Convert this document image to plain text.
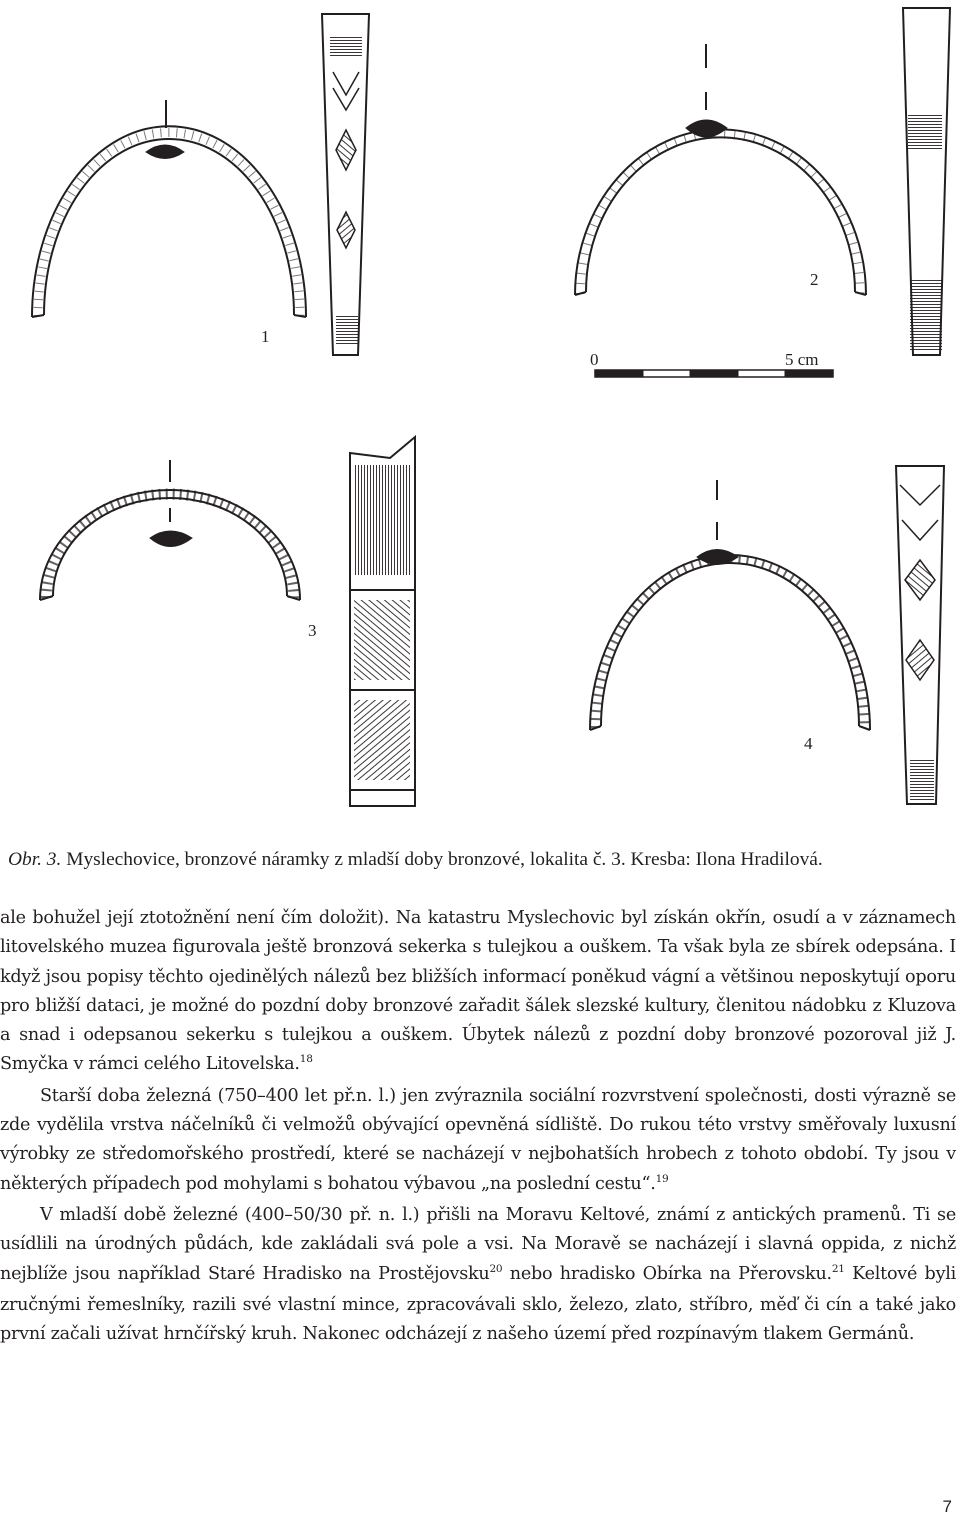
1
2
3
4
0	5 cm
Obr. 3. Myslechovice, bronzové náramky z mladší doby bronzové, lokalita č. 3. Kresba: Ilona Hradilová.

ale bohužel její ztotožnění není čím doložit). Na katastru Myslechovic byl získán okřín, osudí a v záznamech litovelského muzea figurovala ještě bronzová sekerka s tulejkou a ouškem. Ta však byla ze sbírek odepsána. I když jsou popisy těchto ojedinělých nálezů bez bližších informací poněkud vágní a většinou neposkytují oporu pro bližší dataci, je možné do pozdní doby bronzové zařadit šálek slezské kultury, členitou nádobku z Kluzova a snad i odepsanou sekerku s tulejkou a ouškem. Úbytek nálezů z pozdní doby bronzové pozoroval již J. Smyčka v rámci celého Litovelska.$^{18}$

Starší doba železná (750–400 let př.n. l.) jen zvýraznila sociální rozvrstvení společnosti, dosti výrazně se zde vydělila vrstva náčelníků či velmožů obývající opevněná sídliště. Do rukou této vrstvy směřovaly luxusní výrobky ze středomořského prostředí, které se nacházejí v nejbohatších hrobech z tohoto období. Ty jsou v některých případech pod mohylami s bohatou výbavou „na poslední cestu“.$^{19}$

V mladší době železné (400–50/30 př. n. l.) přišli na Moravu Keltové, známí z antických pramenů. Ti se usídlili na úrodných půdách, kde zakládali svá pole a vsi. Na Moravě se nacházejí i slavná oppida, z nichž nejblíže jsou například Staré Hradisko na Prostějovsku$^{20}$ nebo hradisko Obírka na Přerovsku.$^{21}$ Keltové byli zručnými řemeslníky, razili své vlastní mince, zpracovávali sklo, železo, zlato, stříbro, měď či cín a také jako první začali užívat hrnčířský kruh. Nakonec odcházejí z našeho území před rozpínavým tlakem Germánů.

7
